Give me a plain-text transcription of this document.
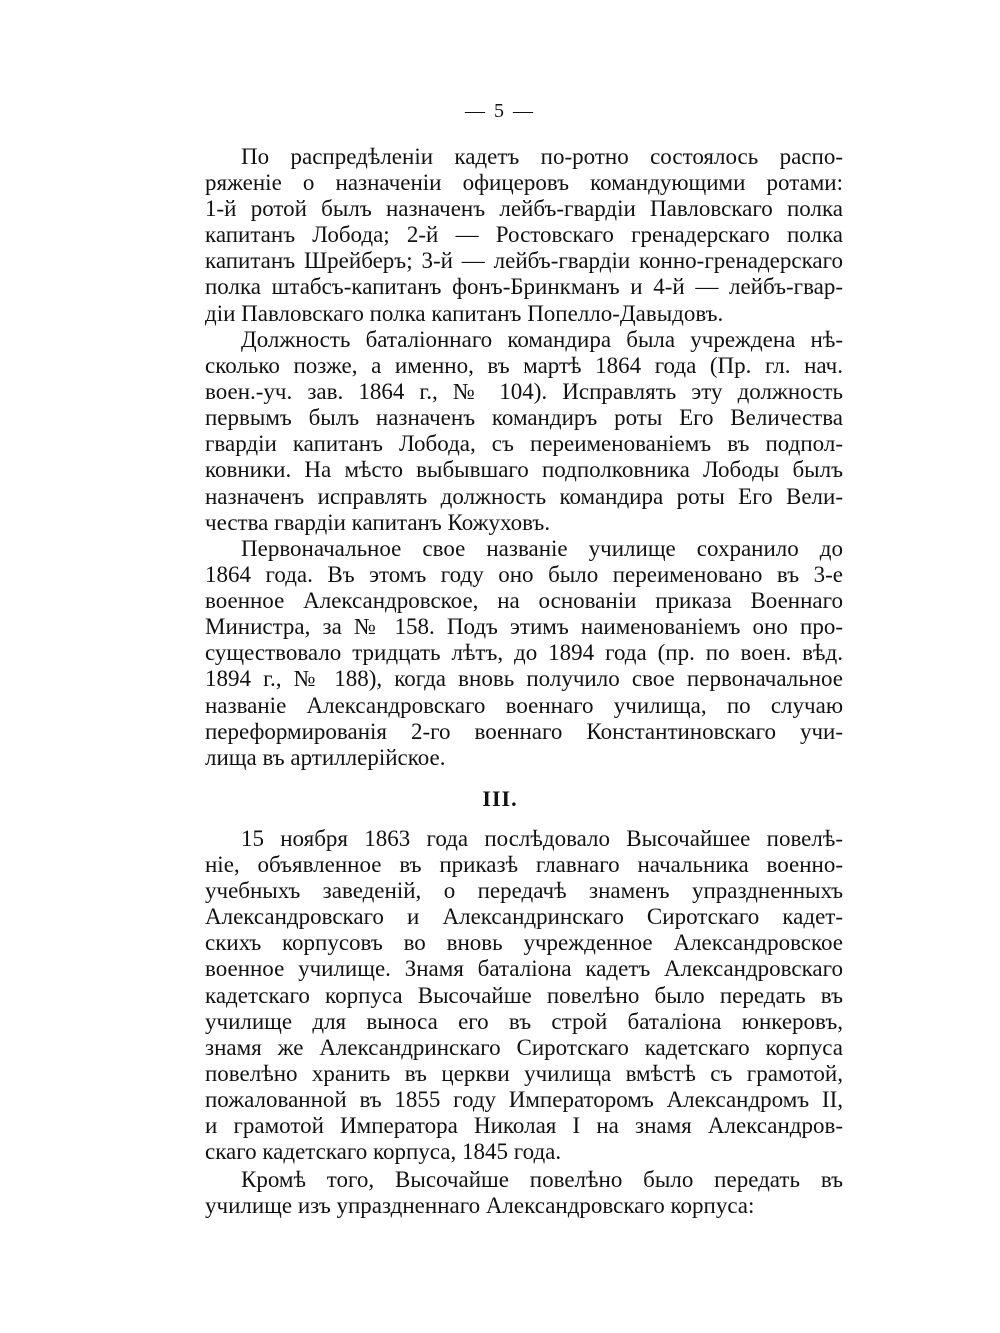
— 5 —
По распредѣленіи кадетъ по-ротно состоялось распо-
ряженіе о назначеніи офицеровъ командующими ротами:
1-й ротой былъ назначенъ лейбъ-гвардіи Павловскаго полка
капитанъ Лобода; 2-й — Ростовскаго гренадерскаго полка
капитанъ Шрейберъ; 3-й — лейбъ-гвардіи конно-гренадерскаго
полка штабсъ-капитанъ фонъ-Бринкманъ и 4-й — лейбъ-гвар-
діи Павловскаго полка капитанъ Попелло-Давыдовъ.
Должность баталіоннаго командира была учреждена нѣ-
сколько позже, а именно, въ мартѣ 1864 года (Пр. гл. нач.
воен.-уч. зав. 1864 г., № 104). Исправлять эту должность
первымъ былъ назначенъ командиръ роты Его Величества
гвардіи капитанъ Лобода, съ переименованіемъ въ подпол-
ковники. На мѣсто выбывшаго подполковника Лободы былъ
назначенъ исправлять должность командира роты Его Вели-
чества гвардіи капитанъ Кожуховъ.
Первоначальное свое названіе училище сохранило до
1864 года. Въ этомъ году оно было переименовано въ 3-е
военное Александровское, на основаніи приказа Военнаго
Министра, за № 158. Подъ этимъ наименованіемъ оно про-
существовало тридцать лѣтъ, до 1894 года (пр. по воен. вѣд.
1894 г., № 188), когда вновь получило свое первоначальное
названіе Александровскаго военнаго училища, по случаю
переформированія 2-го военнаго Константиновскаго учи-
лища въ артиллерійское.
III.
15 ноября 1863 года послѣдовало Высочайшее повелѣ-
ніе, объявленное въ приказѣ главнаго начальника военно-
учебныхъ заведеній, о передачѣ знаменъ упраздненныхъ
Александровскаго и Александринскаго Сиротскаго кадет-
скихъ корпусовъ во вновь учрежденное Александровское
военное училище. Знамя баталіона кадетъ Александровскаго
кадетскаго корпуса Высочайше повелѣно было передать въ
училище для выноса его въ строй баталіона юнкеровъ,
знамя же Александринскаго Сиротскаго кадетскаго корпуса
повелѣно хранить въ церкви училища вмѣстѣ съ грамотой,
пожалованной въ 1855 году Императоромъ Александромъ II,
и грамотой Императора Николая I на знамя Александров-
скаго кадетскаго корпуса, 1845 года.
Кромѣ того, Высочайше повелѣно было передать въ
училище изъ упраздненнаго Александровскаго корпуса:
